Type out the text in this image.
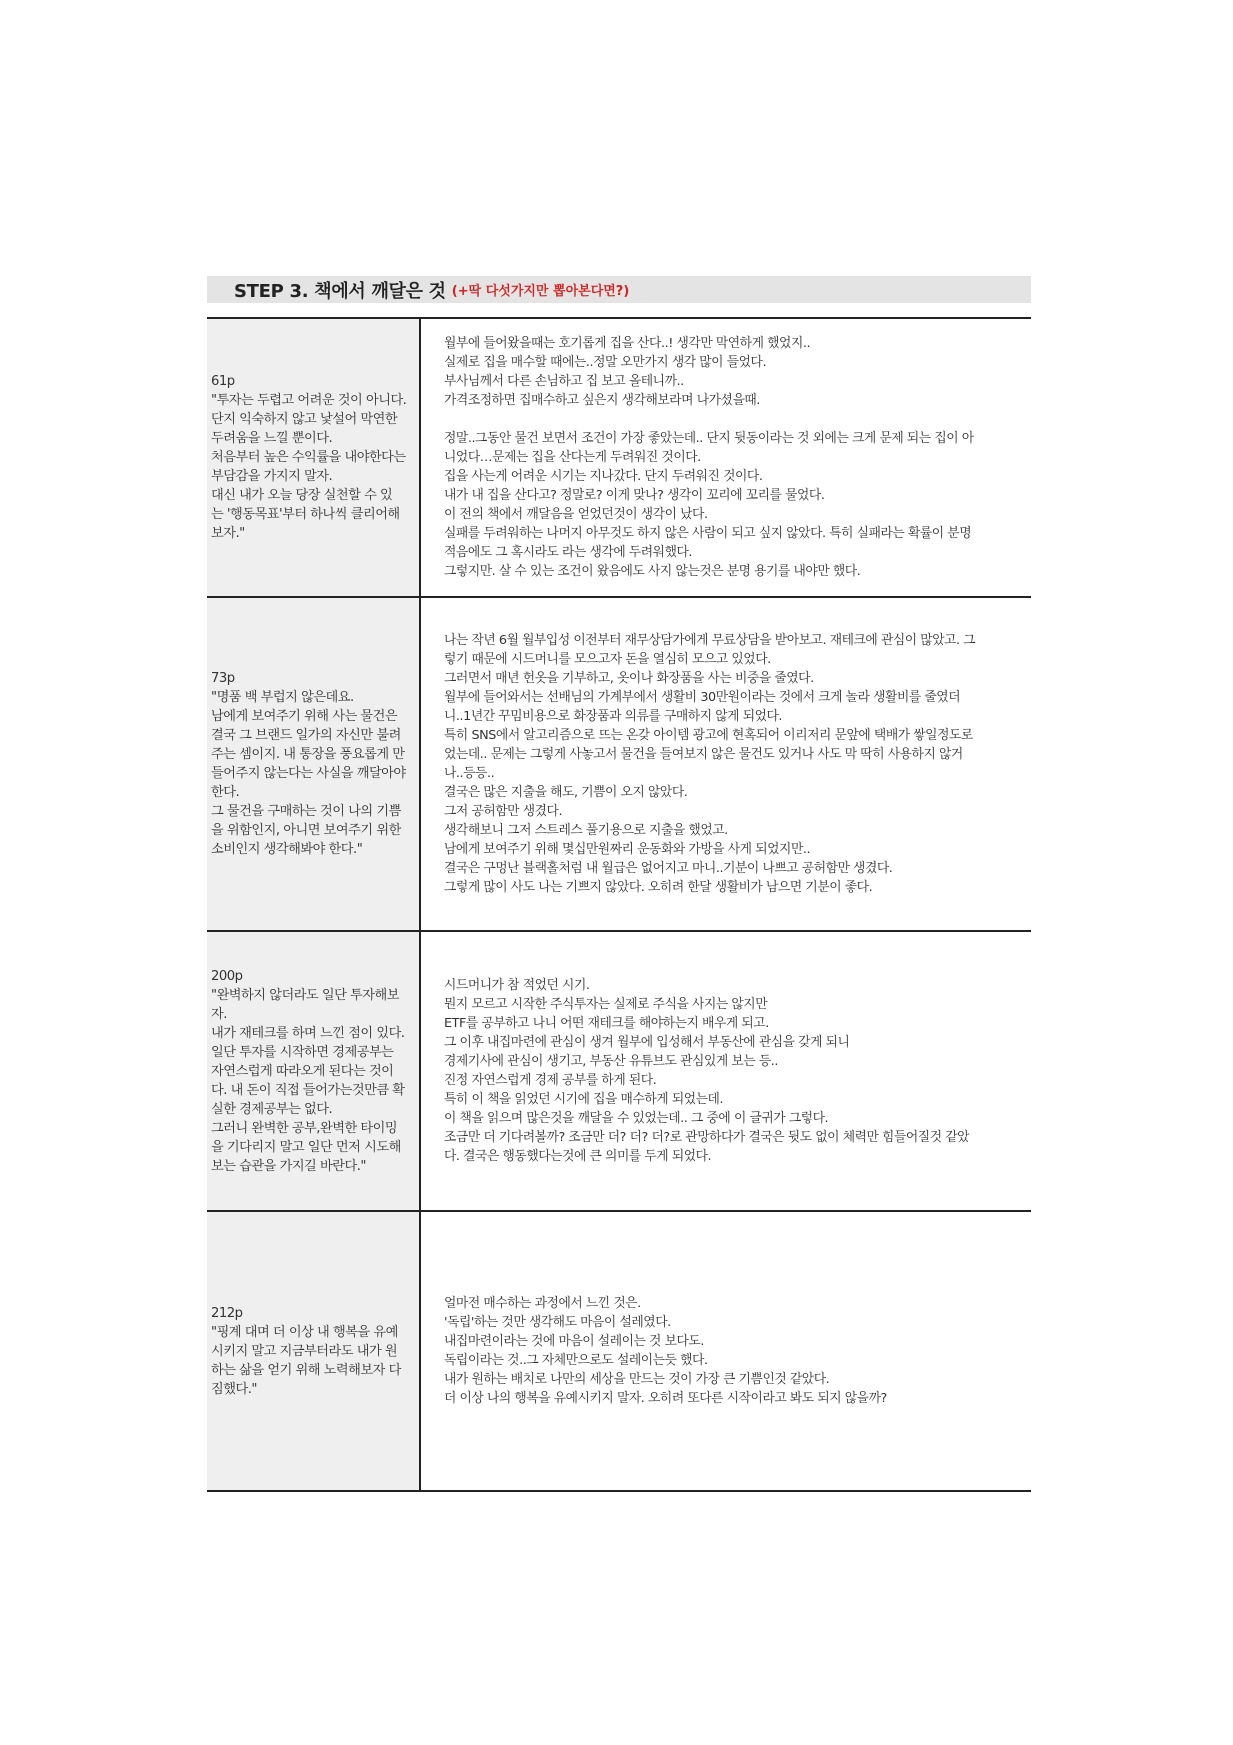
STEP 3. 책에서 깨달은 것 (+딱 다섯가지만 뽑아본다면?)
61p
"투자는 두렵고 어려운 것이 아니다.
단지 익숙하지 않고 낯설어 막연한
두려움을 느낄 뿐이다.
처음부터 높은 수익률을 내야한다는
부담감을 가지지 말자.
대신 내가 오늘 당장 실천할 수 있
는 '행동목표'부터 하나씩 클리어해
보자."
월부에 들어왔을때는 호기롭게 집을 산다..! 생각만 막연하게 했었지..
실제로 집을 매수할 때에는..정말 오만가지 생각 많이 들었다.
부사님께서 다른 손님하고 집 보고 올테니까..
가격조정하면 집매수하고 싶은지 생각해보라며 나가셨을때.
정말..그동안 물건 보면서 조건이 가장 좋았는데.. 단지 뒷동이라는 것 외에는 크게 문제 되는 집이 아
니었다…문제는 집을 산다는게 두려워진 것이다.
집을 사는게 어려운 시기는 지나갔다. 단지 두려워진 것이다.
내가 내 집을 산다고? 정말로? 이게 맞나? 생각이 꼬리에 꼬리를 물었다.
이 전의 책에서 깨달음을 얻었던것이 생각이 났다.
실패를 두려워하는 나머지 아무것도 하지 않은 사람이 되고 싶지 않았다. 특히 실패라는 확률이 분명
적음에도 그 혹시라도 라는 생각에 두려워했다.
그렇지만. 살 수 있는 조건이 왔음에도 사지 않는것은 분명 용기를 내야만 했다.
73p
"명품 백 부럽지 않은데요.
남에게 보여주기 위해 사는 물건은
결국 그 브랜드 일가의 자신만 불려
주는 셈이지. 내 통장을 풍요롭게 만
들어주지 않는다는 사실을 깨달아야
한다.
그 물건을 구매하는 것이 나의 기쁨
을 위함인지, 아니면 보여주기 위한
소비인지 생각해봐야 한다."
나는 작년 6월 월부입성 이전부터 재무상담가에게 무료상담을 받아보고. 재테크에 관심이 많았고. 그
렇기 때문에 시드머니를 모으고자 돈을 열심히 모으고 있었다.
그러면서 매년 헌옷을 기부하고, 옷이나 화장품을 사는 비중을 줄였다.
월부에 들어와서는 선배님의 가계부에서 생활비 30만원이라는 것에서 크게 놀라 생활비를 줄였더
니..1년간 꾸밈비용으로 화장품과 의류를 구매하지 않게 되었다.
특히 SNS에서 알고리즘으로 뜨는 온갖 아이템 광고에 현혹되어 이리저리 문앞에 택배가 쌓일정도로
었는데.. 문제는 그렇게 사놓고서 물건을 들여보지 않은 물건도 있거나 사도 막 딱히 사용하지 않거
나..등등..
결국은 많은 지출을 해도, 기쁨이 오지 않았다.
그저 공허함만 생겼다.
생각해보니 그저 스트레스 풀기용으로 지출을 했었고.
남에게 보여주기 위해 몇십만원짜리 운동화와 가방을 사게 되었지만..
결국은 구멍난 블랙홀처럼 내 월급은 없어지고 마니..기분이 나쁘고 공허함만 생겼다.
그렇게 많이 사도 나는 기쁘지 않았다. 오히려 한달 생활비가 남으면 기분이 좋다.
200p
"완벽하지 않더라도 일단 투자해보
자.
내가 재테크를 하며 느낀 점이 있다.
일단 투자를 시작하면 경제공부는
자연스럽게 따라오게 된다는 것이
다. 내 돈이 직접 들어가는것만큼 확
실한 경제공부는 없다.
그러니 완벽한 공부,완벽한 타이밍
을 기다리지 말고 일단 먼저 시도해
보는 습관을 가지길 바란다."
시드머니가 참 적었던 시기.
뭔지 모르고 시작한 주식투자는 실제로 주식을 사지는 않지만
ETF를 공부하고 나니 어떤 재테크를 해야하는지 배우게 되고.
그 이후 내집마련에 관심이 생겨 월부에 입성해서 부동산에 관심을 갖게 되니
경제기사에 관심이 생기고, 부동산 유튜브도 관심있게 보는 등..
진정 자연스럽게 경제 공부를 하게 된다.
특히 이 책을 읽었던 시기에 집을 매수하게 되었는데.
이 책을 읽으며 많은것을 깨달을 수 있었는데.. 그 중에 이 글귀가 그렇다.
조금만 더 기다려볼까? 조금만 더? 더? 더?로 관망하다가 결국은 뒷도 없이 체력만 힘들어질것 같았
다. 결국은 행동했다는것에 큰 의미를 두게 되었다.
212p
"핑계 대며 더 이상 내 행복을 유예
시키지 말고 지금부터라도 내가 원
하는 삶을 얻기 위해 노력해보자 다
짐했다."
얼마전 매수하는 과정에서 느낀 것은.
'독립'하는 것만 생각해도 마음이 설레였다.
내집마련이라는 것에 마음이 설레이는 것 보다도.
독립이라는 것..그 자체만으로도 설레이는듯 했다.
내가 원하는 배치로 나만의 세상을 만드는 것이 가장 큰 기쁨인것 같았다.
더 이상 나의 행복을 유예시키지 말자. 오히려 또다른 시작이라고 봐도 되지 않을까?
